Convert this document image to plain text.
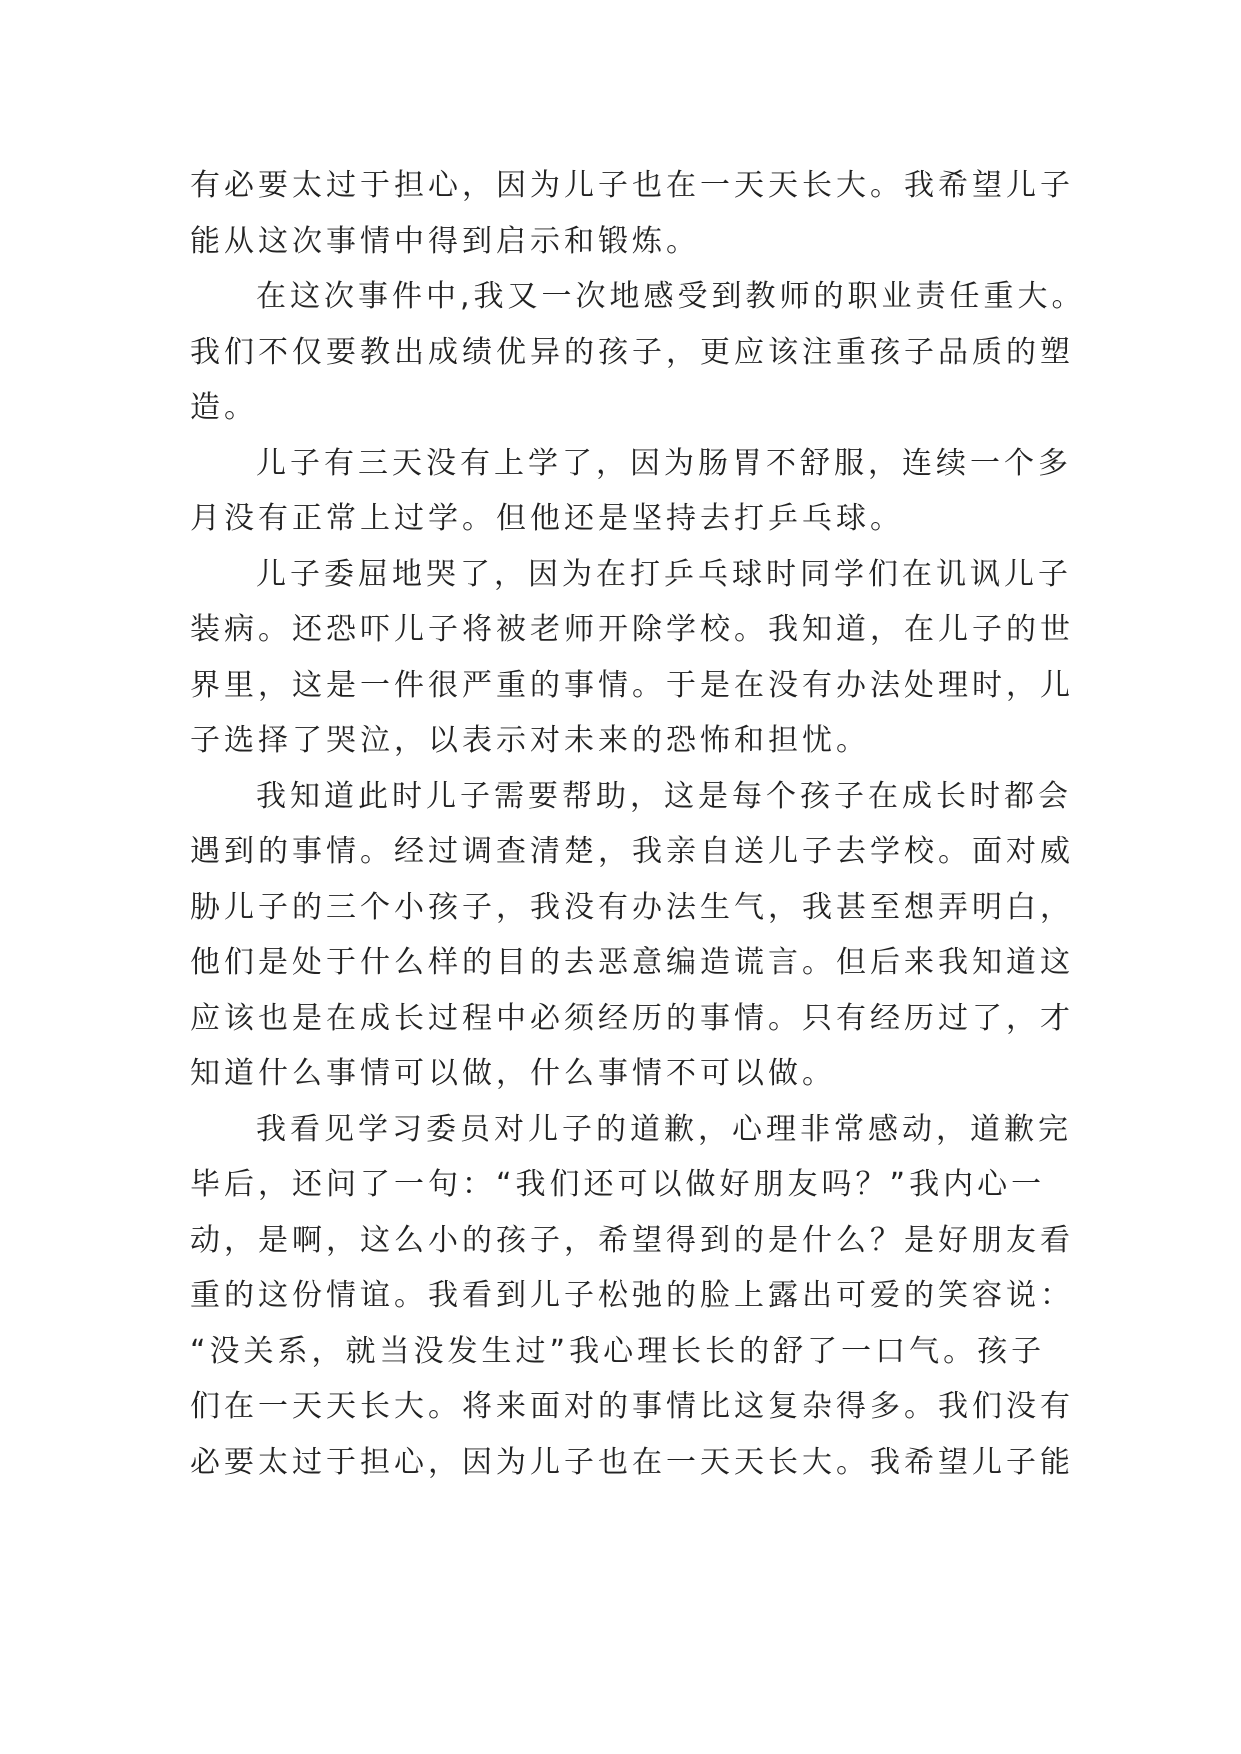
有必要太过于担心，因为儿子也在一天天长大。我希望儿子
能从这次事情中得到启示和锻炼。
在这次事件中,我又一次地感受到教师的职业责任重大。
我们不仅要教出成绩优异的孩子，更应该注重孩子品质的塑
造。
儿子有三天没有上学了，因为肠胃不舒服，连续一个多
月没有正常上过学。但他还是坚持去打乒乓球。
儿子委屈地哭了，因为在打乒乓球时同学们在讥讽儿子
装病。还恐吓儿子将被老师开除学校。我知道，在儿子的世
界里，这是一件很严重的事情。于是在没有办法处理时，儿
子选择了哭泣，以表示对未来的恐怖和担忧。
我知道此时儿子需要帮助，这是每个孩子在成长时都会
遇到的事情。经过调查清楚，我亲自送儿子去学校。面对威
胁儿子的三个小孩子，我没有办法生气，我甚至想弄明白，
他们是处于什么样的目的去恶意编造谎言。但后来我知道这
应该也是在成长过程中必须经历的事情。只有经历过了，才
知道什么事情可以做，什么事情不可以做。
我看见学习委员对儿子的道歉，心理非常感动，道歉完
毕后，还问了一句：“我们还可以做好朋友吗？”我内心一
动，是啊，这么小的孩子，希望得到的是什么？是好朋友看
重的这份情谊。我看到儿子松弛的脸上露出可爱的笑容说：
“没关系，就当没发生过”我心理长长的舒了一口气。孩子
们在一天天长大。将来面对的事情比这复杂得多。我们没有
必要太过于担心，因为儿子也在一天天长大。我希望儿子能
